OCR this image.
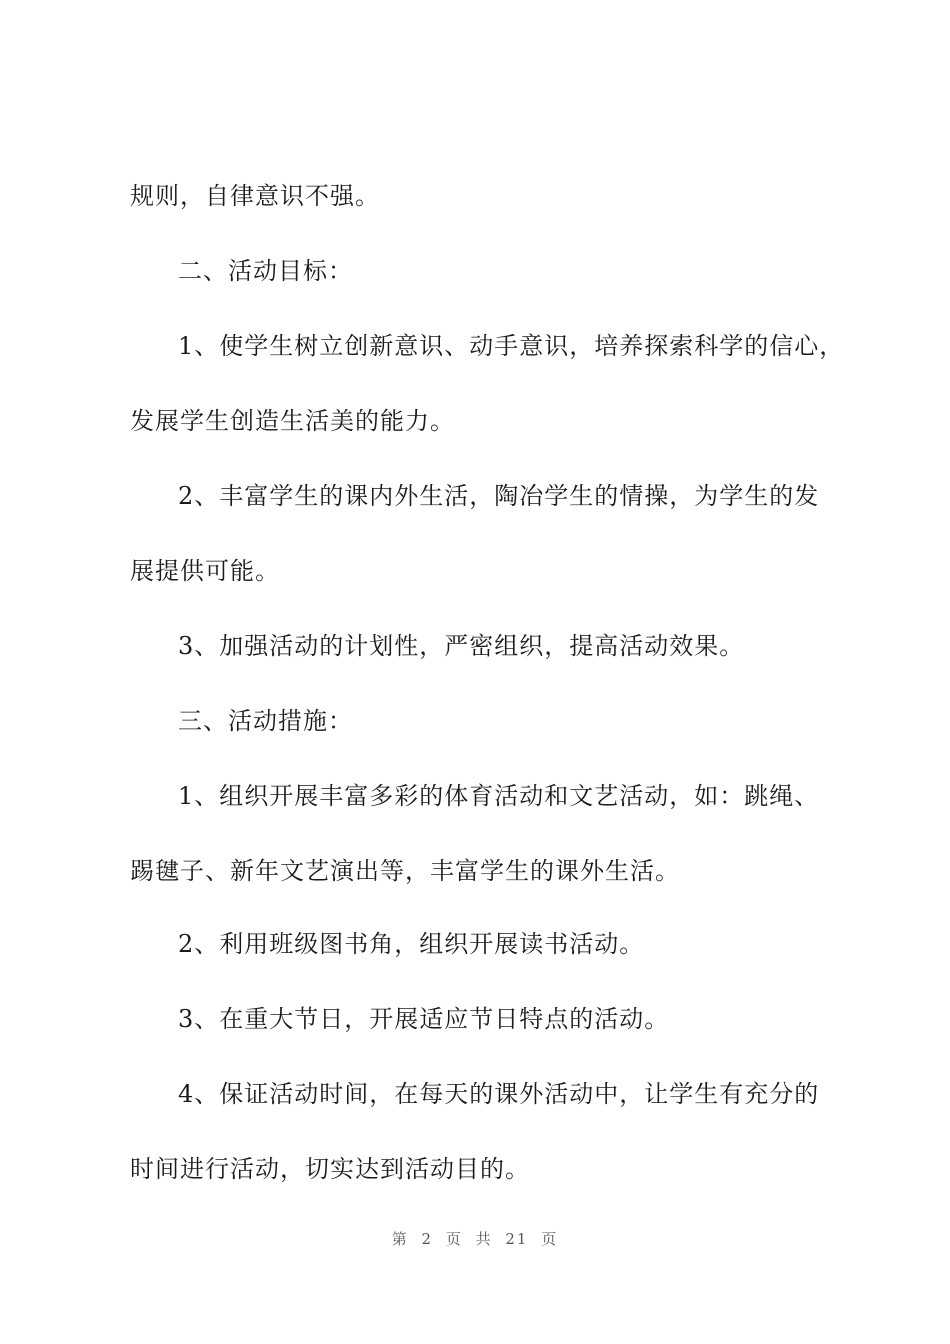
规则，自律意识不强。
二、活动目标：
1、使学生树立创新意识、动手意识，培养探索科学的信心，
发展学生创造生活美的能力。
2、丰富学生的课内外生活，陶冶学生的情操，为学生的发
展提供可能。
3、加强活动的计划性，严密组织，提高活动效果。
三、活动措施：
1、组织开展丰富多彩的体育活动和文艺活动，如：跳绳、
踢毽子、新年文艺演出等，丰富学生的课外生活。
2、利用班级图书角，组织开展读书活动。
3、在重大节日，开展适应节日特点的活动。
4、保证活动时间，在每天的课外活动中，让学生有充分的
时间进行活动，切实达到活动目的。
第 2 页 共 21 页
